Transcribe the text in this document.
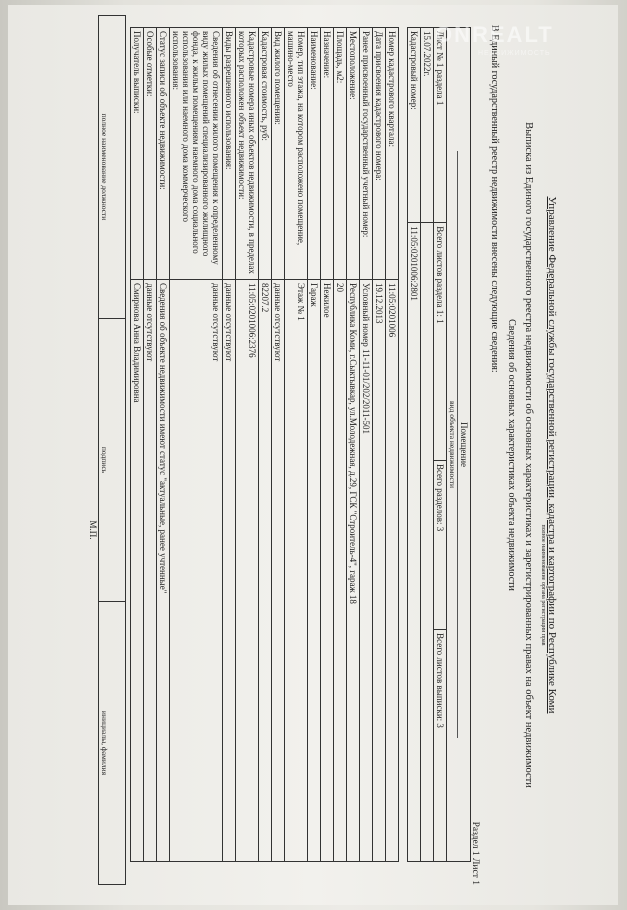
Управление Федеральной службы государственной регистрации, кадастра и картографии по Республике Коми
полное наименование органа регистрации прав
Выписка из Единого государственного реестра недвижимости об основных характеристиках и зарегистрированных правах на объект недвижимости
Сведения об основных характеристиках объекта недвижимости
Раздел 1 Лист 1
В Единый государственный реестр недвижимости внесены следующие сведения:
Помещение
вид объекта недвижимости			

Лист № 1 раздела 1	Всего листов раздела 1: 1	Всего разделов: 3	Всего листов выписки: 3
15.07.2022г.			
Кадастровый номер:	11:05:0201006:2801		
Номер кадастрового квартала:	11:05:0201006
Дата присвоения кадастрового номера:	19.12.2013
Ранее присвоенный государственный учетный номер:	Условный номер 11-11-01/202/2011-501
Местоположение:	Республика Коми, г.Сыктывкар, ул.Молодежная, д.29, ГСК "Строитель-4", гараж 18
Площадь, м2:	20
Назначение:	Нежилое
Наименование:	Гараж
Номер, тип этажа, на котором расположено помещение, машино-место	Этаж № 1
Вид жилого помещения:	данные отсутствуют
Кадастровая стоимость, руб:	82207.2
Кадастровые номера иных объектов недвижимости, в пределах которых расположен объект недвижимости:	11:05:0201006:2376
Виды разрешенного использования:	данные отсутствуют
Сведения об отнесении жилого помещения к определенному виду жилых помещений специализированного жилищного фонда, к жилым помещениям наемного дома социального использования или наемного дома коммерческого использования:	данные отсутствуют
Статус записи об объекте недвижимости:	Сведения об объекте недвижимости имеют статус "актуальные, ранее учтенные"
Особые отметки:	данные отсутствуют
Получатель выписки:	Смирнова Анна Владимировна
полное наименование должности	подпись	инициалы, фамилия
М.П.
ONREALT
НЕДВИЖИМОСТЬ
